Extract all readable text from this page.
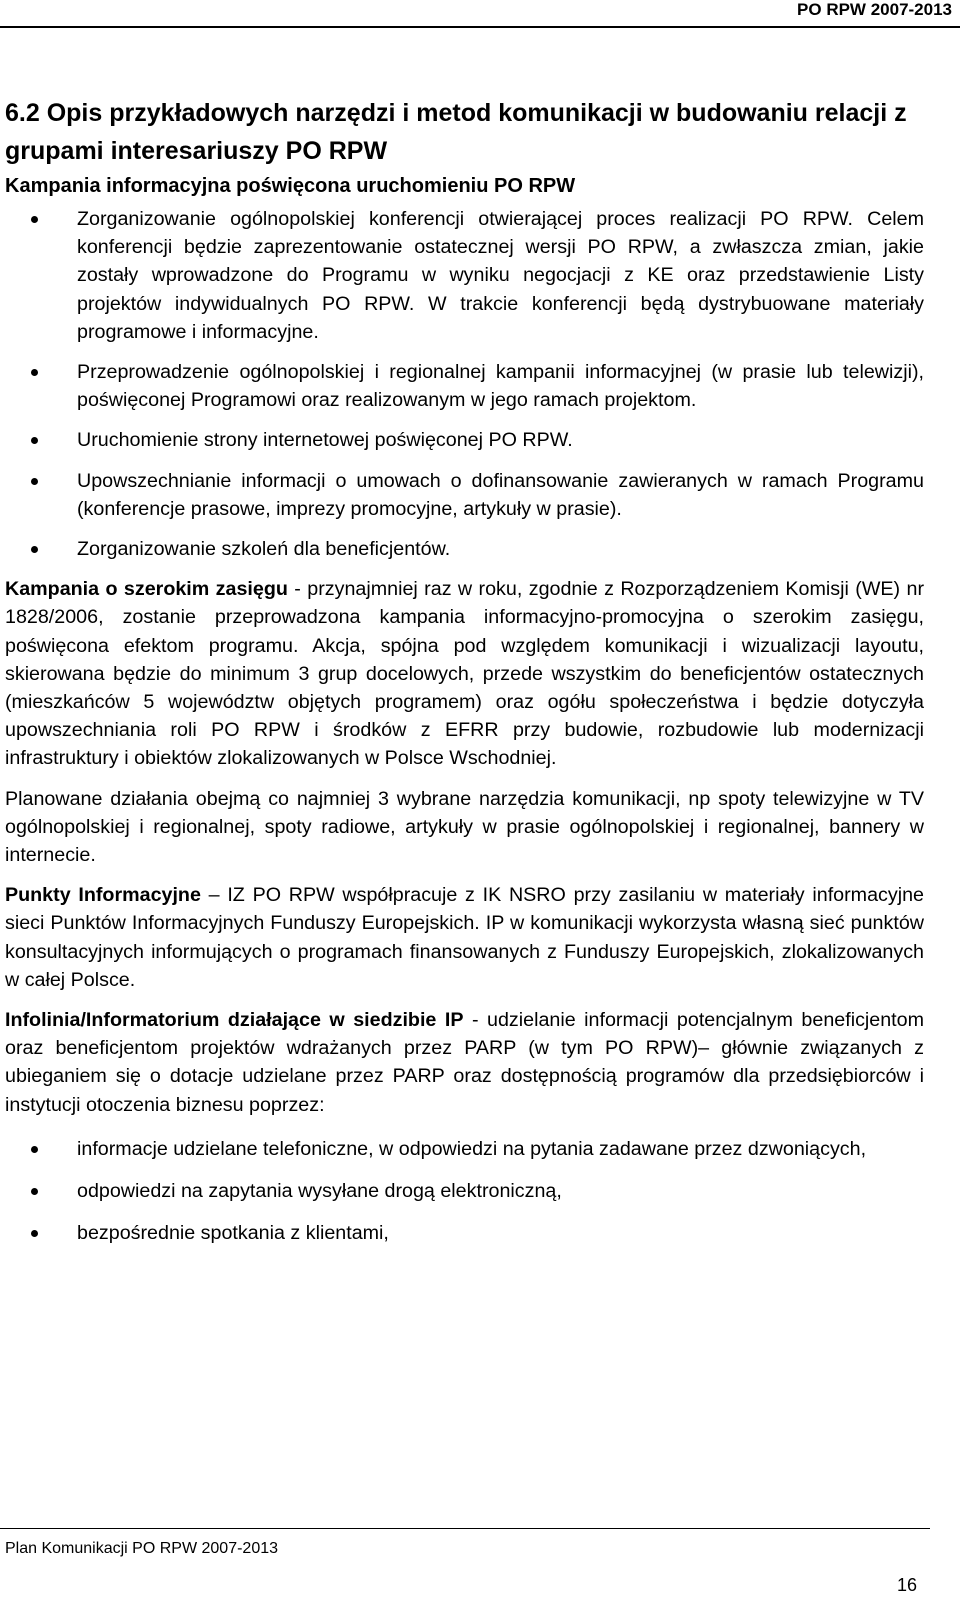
PO RPW 2007-2013
6.2 Opis przykładowych narzędzi i metod komunikacji w budowaniu relacji z grupami interesariuszy PO RPW
Kampania informacyjna poświęcona uruchomieniu PO RPW
Zorganizowanie ogólnopolskiej konferencji otwierającej proces realizacji PO RPW. Celem konferencji będzie zaprezentowanie ostatecznej wersji PO RPW, a zwłaszcza zmian, jakie zostały wprowadzone do Programu w wyniku negocjacji z KE oraz przedstawienie Listy projektów indywidualnych PO RPW. W trakcie konferencji będą dystrybuowane materiały programowe i informacyjne.
Przeprowadzenie ogólnopolskiej i regionalnej kampanii informacyjnej (w prasie lub telewizji), poświęconej Programowi oraz realizowanym w jego ramach projektom.
Uruchomienie strony internetowej poświęconej PO RPW.
Upowszechnianie informacji o umowach o dofinansowanie zawieranych w ramach Programu (konferencje prasowe, imprezy promocyjne, artykuły w prasie).
Zorganizowanie szkoleń dla beneficjentów.

Kampania o szerokim zasięgu - przynajmniej raz w roku, zgodnie z Rozporządzeniem Komisji (WE) nr 1828/2006, zostanie przeprowadzona kampania informacyjno-promocyjna o szerokim zasięgu, poświęcona efektom programu. Akcja, spójna pod względem komunikacji i wizualizacji layoutu, skierowana będzie do minimum 3 grup docelowych, przede wszystkim do beneficjentów ostatecznych (mieszkańców 5 województw objętych programem) oraz ogółu społeczeństwa i będzie dotyczyła upowszechniania roli PO RPW i środków z EFRR przy budowie, rozbudowie lub modernizacji infrastruktury i obiektów zlokalizowanych w Polsce Wschodniej.

Planowane działania obejmą co najmniej 3 wybrane narzędzia komunikacji, np spoty telewizyjne w TV ogólnopolskiej i regionalnej, spoty radiowe, artykuły w prasie ogólnopolskiej i regionalnej, bannery w internecie.

Punkty Informacyjne – IZ PO RPW współpracuje z IK NSRO przy zasilaniu w materiały informacyjne sieci Punktów Informacyjnych Funduszy Europejskich. IP w komunikacji wykorzysta własną sieć punktów konsultacyjnych informujących o programach finansowanych z Funduszy Europejskich, zlokalizowanych w całej Polsce.

Infolinia/Informatorium działające w siedzibie IP - udzielanie informacji potencjalnym beneficjentom oraz beneficjentom projektów wdrażanych przez PARP (w tym PO RPW)– głównie związanych z ubieganiem się o dotacje udzielane przez PARP oraz dostępnością programów dla przedsiębiorców i instytucji otoczenia biznesu poprzez:

informacje udzielane telefoniczne, w odpowiedzi na pytania zadawane przez dzwoniących,
odpowiedzi na zapytania wysyłane drogą elektroniczną,
bezpośrednie spotkania z klientami,
Plan Komunikacji PO RPW 2007-2013
16
